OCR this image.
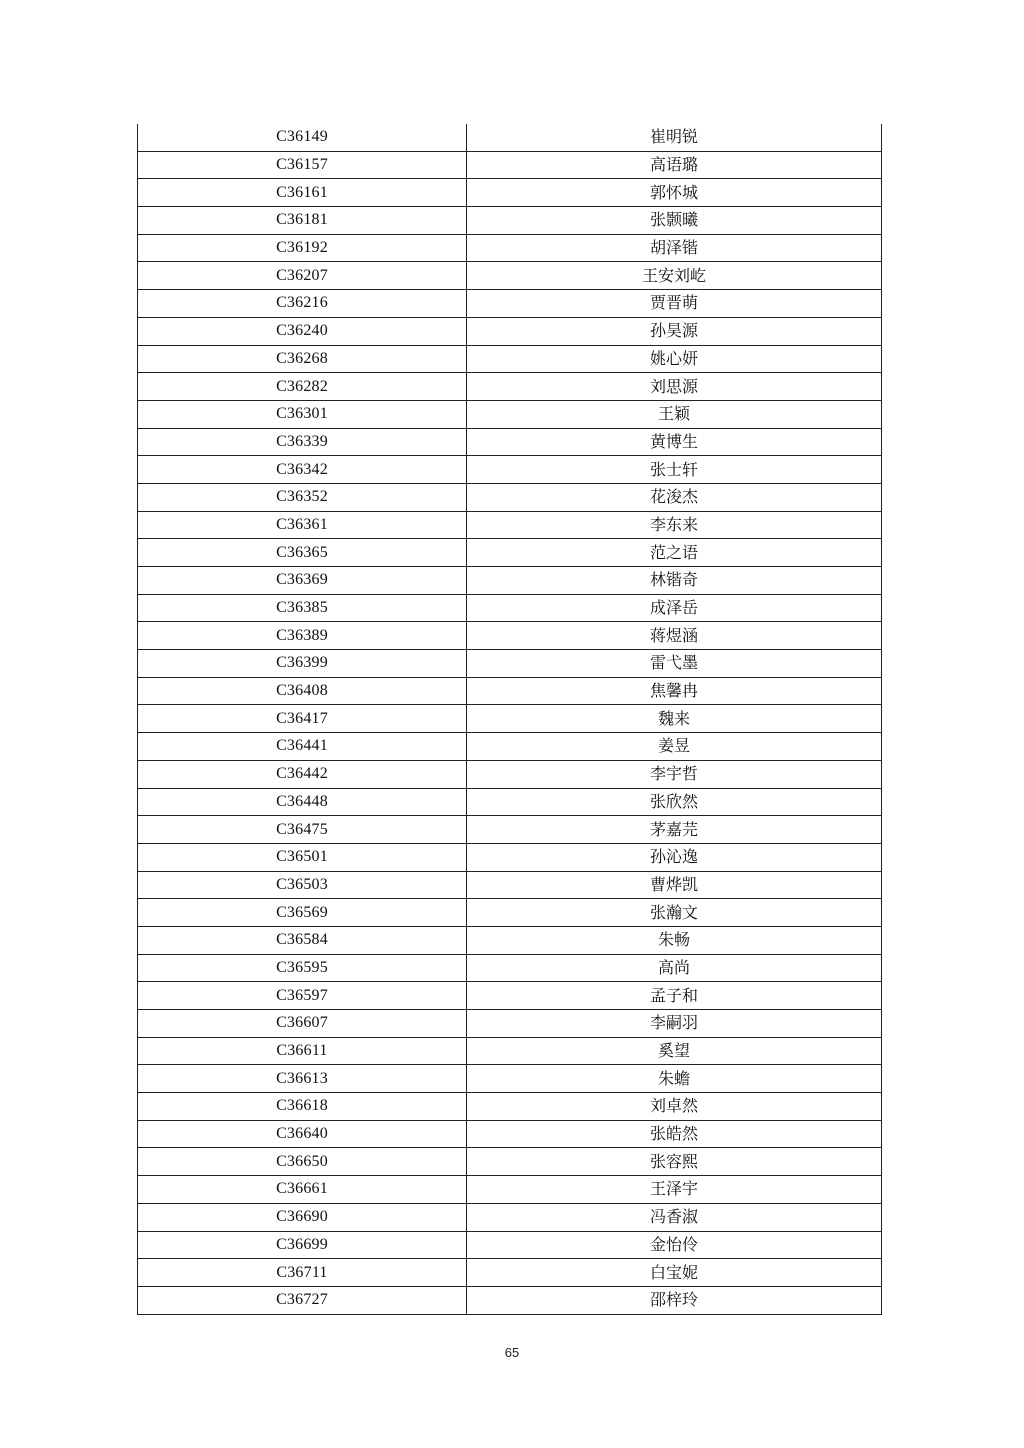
C36149	崔明锐
C36157	高语璐
C36161	郭怀城
C36181	张颢曦
C36192	胡泽锴
C36207	王安刘屹
C36216	贾晋萌
C36240	孙昊源
C36268	姚心妍
C36282	刘思源
C36301	王颖
C36339	黄博生
C36342	张士轩
C36352	花浚杰
C36361	李东来
C36365	范之语
C36369	林锴奇
C36385	成泽岳
C36389	蒋煜涵
C36399	雷弋墨
C36408	焦馨冉
C36417	魏来
C36441	姜昱
C36442	李宇哲
C36448	张欣然
C36475	茅嘉芫
C36501	孙沁逸
C36503	曹烨凯
C36569	张瀚文
C36584	朱畅
C36595	高尚
C36597	孟子和
C36607	李嗣羽
C36611	奚望
C36613	朱蟾
C36618	刘卓然
C36640	张皓然
C36650	张容熙
C36661	王泽宇
C36690	冯香淑
C36699	金怡伶
C36711	白宝妮
C36727	邵梓玲
65
